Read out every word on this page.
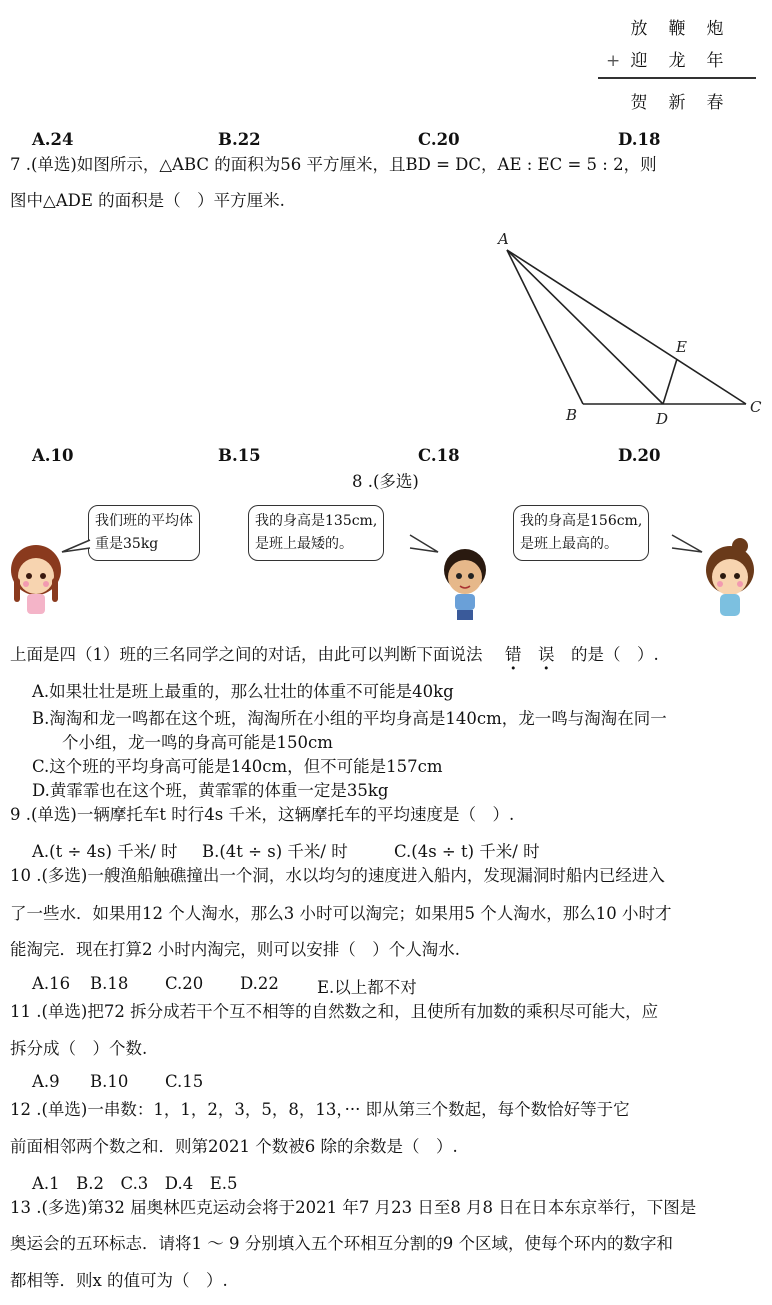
放 鞭 炮
+ 迎 龙 年
贺 新 春
A.24	B.22	C.20	D.18
7 .(单选)如图所示，△ABC 的面积为56 平方厘米，且BD = DC，AE : EC = 5 : 2，则
图中△ADE 的面积是（　）平方厘米.
A
B	D
C
E
A.10	B.15	C.18	D.20
8 .(多选)
我们班的平均体
重是35kg
我的身高是135cm,
是班上最矮的。
我的身高是156cm,
是班上最高的。
上面是四（1）班的三名同学之间的对话，由此可以判断下面说法 错 误 的是（　）.
A.如果壮壮是班上最重的，那么壮壮的体重不可能是40kg
B.淘淘和龙一鸣都在这个班，淘淘所在小组的平均身高是140cm，龙一鸣与淘淘在同一
个小组，龙一鸣的身高可能是150cm
C.这个班的平均身高可能是140cm，但不可能是157cm
D.黄霏霏也在这个班，黄霏霏的体重一定是35kg
9 .(单选)一辆摩托车t 时行4s 千米，这辆摩托车的平均速度是（　）.
A.(t ÷ 4s) 千米/ 时 B.(4t ÷ s) 千米/ 时	C.(4s ÷ t) 千米/ 时
10 .(多选)一艘渔船触礁撞出一个洞，水以均匀的速度进入船内，发现漏洞时船内已经进入
了一些水．如果用12 个人淘水，那么3 小时可以淘完；如果用5 个人淘水，那么10 小时才
能淘完．现在打算2 小时内淘完，则可以安排（　）个人淘水.
A.16 B.18 C.20 D.22 E.以上都不对
11 .(单选)把72 拆分成若干个互不相等的自然数之和，且使所有加数的乘积尽可能大，应
拆分成（　）个数.
A.9 B.10 C.15
12 .(单选)一串数：1，1，2，3，5，8，13，··· 即从第三个数起，每个数恰好等于它
前面相邻两个数之和．则第2021 个数被6 除的余数是（　）.
A.1　B.2　C.3　D.4　E.5
13 .(多选)第32 届奥林匹克运动会将于2021 年7 月23 日至8 月8 日在日本东京举行，下图是
奥运会的五环标志．请将1 ～ 9 分别填入五个环相互分割的9 个区域，使每个环内的数字和
都相等．则x 的值可为（　）.
